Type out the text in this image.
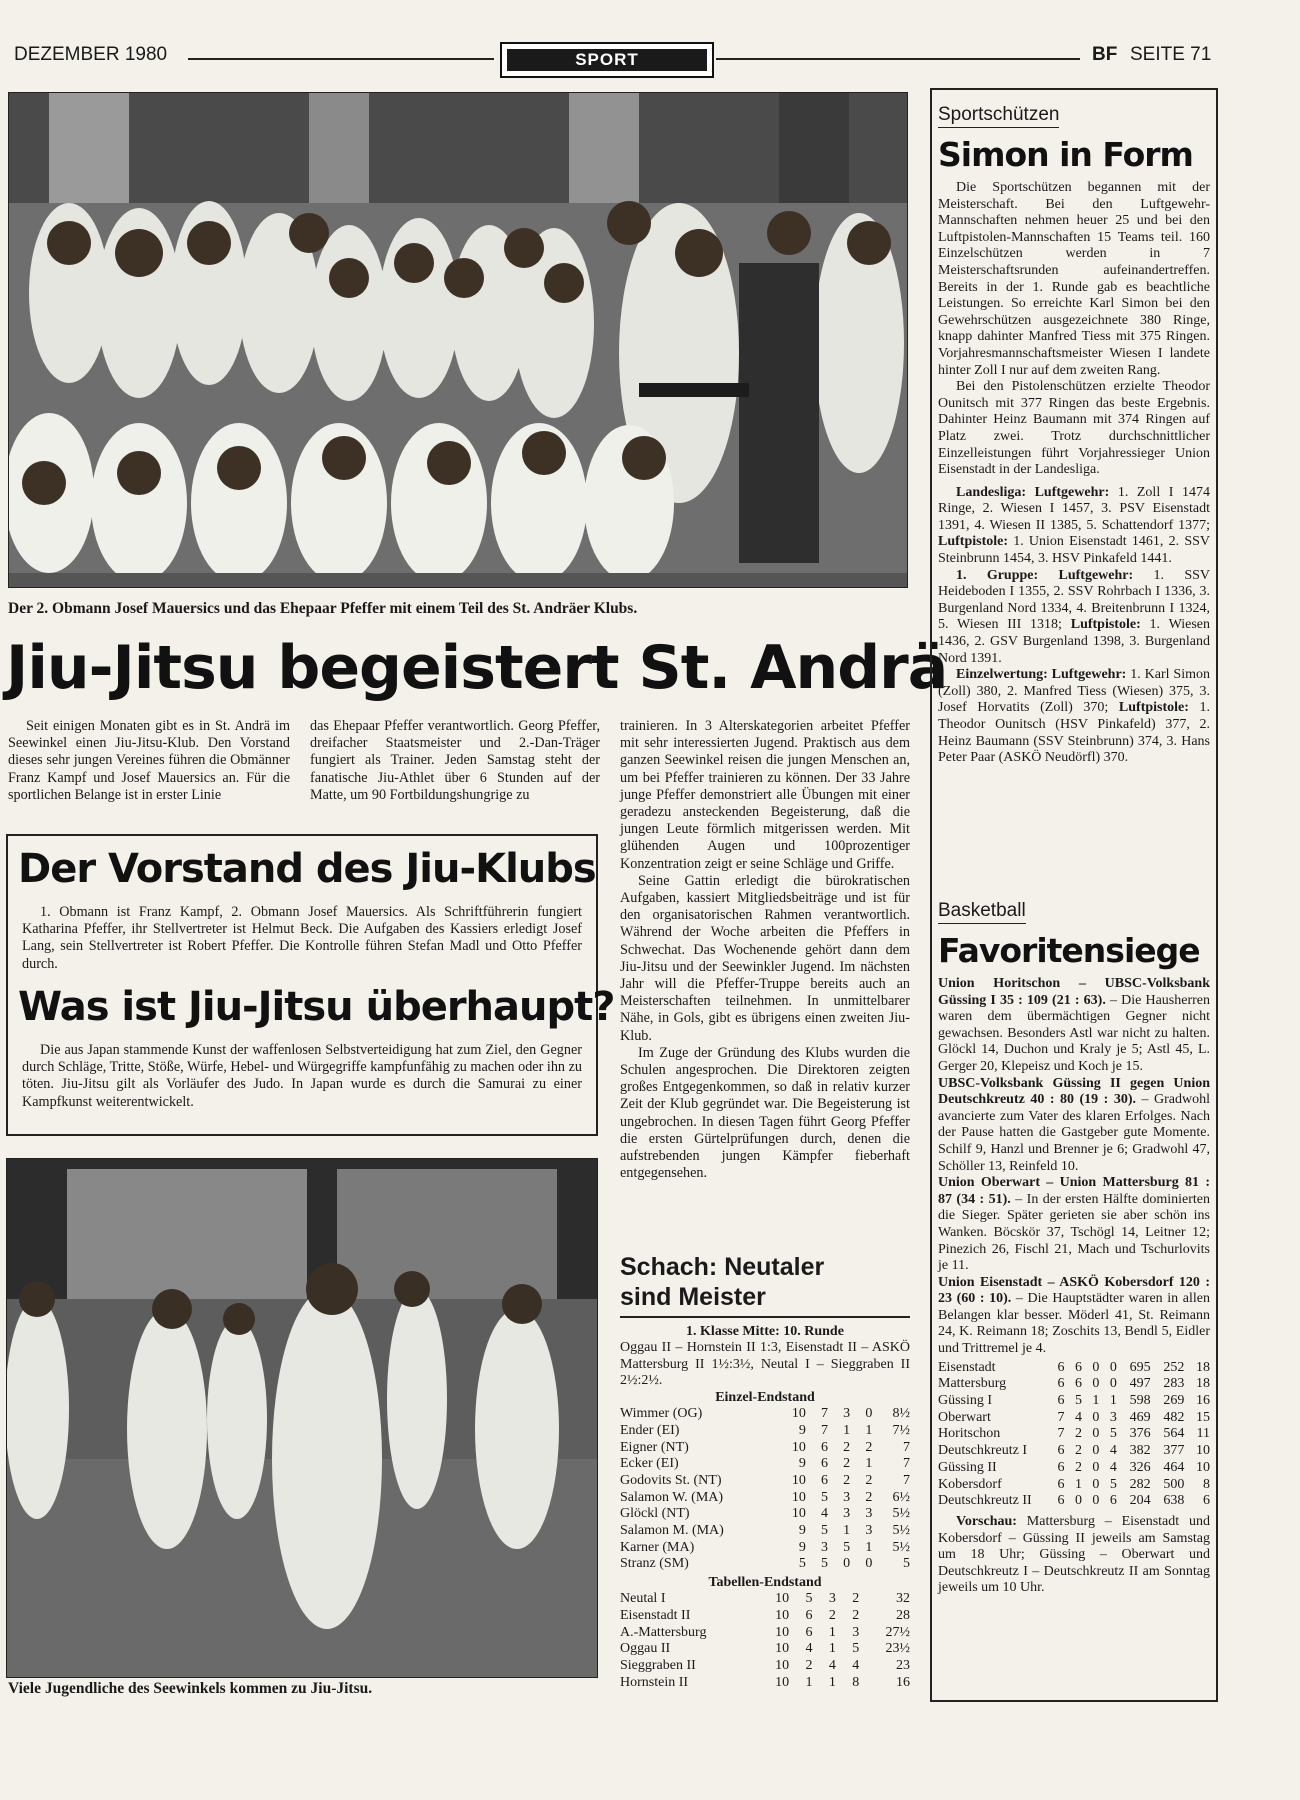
DEZEMBER 1980	SPORT	BF SEITE 71
Der 2. Obmann Josef Mauersics und das Ehepaar Pfeffer mit einem Teil des St. Andräer Klubs.
Jiu-Jitsu begeistert St. Andrä

Seit einigen Monaten gibt es in St. Andrä im Seewinkel einen Jiu-Jitsu-Klub. Den Vorstand dieses sehr jungen Vereines führen die Obmänner Franz Kampf und Josef Mauersics an. Für die sportlichen Belange ist in erster Linie

das Ehepaar Pfeffer verantwortlich. Georg Pfeffer, dreifacher Staatsmeister und 2.-Dan-Träger fungiert als Trainer. Jeden Samstag steht der fanatische Jiu-Athlet über 6 Stunden auf der Matte, um 90 Fortbildungshungrige zu

trainieren. In 3 Alterskategorien arbeitet Pfeffer mit sehr interessierten Jugend. Praktisch aus dem ganzen Seewinkel reisen die jungen Menschen an, um bei Pfeffer trainieren zu können. Der 33 Jahre junge Pfeffer demonstriert alle Übungen mit einer geradezu ansteckenden Begeisterung, daß die jungen Leute förmlich mitgerissen werden. Mit glühenden Augen und 100prozentiger Konzentration zeigt er seine Schläge und Griffe.

Seine Gattin erledigt die bürokratischen Aufgaben, kassiert Mitgliedsbeiträge und ist für den organisatorischen Rahmen verantwortlich. Während der Woche arbeiten die Pfeffers in Schwechat. Das Wochenende gehört dann dem Jiu-Jitsu und der Seewinkler Jugend. Im nächsten Jahr will die Pfeffer-Truppe bereits auch an Meisterschaften teilnehmen. In unmittelbarer Nähe, in Gols, gibt es übrigens einen zweiten Jiu-Klub.

Im Zuge der Gründung des Klubs wurden die Schulen angesprochen. Die Direktoren zeigten großes Entgegenkommen, so daß in relativ kurzer Zeit der Klub gegründet war. Die Begeisterung ist ungebrochen. In diesen Tagen führt Georg Pfeffer die ersten Gürtelprüfungen durch, denen die aufstrebenden jungen Kämpfer fieberhaft entgegensehen.

Der Vorstand des Jiu-Klubs

1. Obmann ist Franz Kampf, 2. Obmann Josef Mauersics. Als Schriftführerin fungiert Katharina Pfeffer, ihr Stellvertreter ist Helmut Beck. Die Aufgaben des Kassiers erledigt Josef Lang, sein Stellvertreter ist Robert Pfeffer. Die Kontrolle führen Stefan Madl und Otto Pfeffer durch.

Was ist Jiu-Jitsu überhaupt?

Die aus Japan stammende Kunst der waffenlosen Selbstverteidigung hat zum Ziel, den Gegner durch Schläge, Tritte, Stöße, Würfe, Hebel- und Würgegriffe kampfunfähig zu machen oder ihn zu töten. Jiu-Jitsu gilt als Vorläufer des Judo. In Japan wurde es durch die Samurai zu einer Kampfkunst weiterentwickelt.

Viele Jugendliche des Seewinkels kommen zu Jiu-Jitsu.
Schach: Neutaler
sind Meister
1. Klasse Mitte: 10. Runde

Oggau II – Hornstein II 1:3, Eisenstadt II – ASKÖ Mattersburg II 1½:3½, Neutal I – Sieggraben II 2½:2½.

Einzel-Endstand
Wimmer (OG)	10	7	3	0	8½
Ender (EI)	9	7	1	1	7½
Eigner (NT)	10	6	2	2	7
Ecker (EI)	9	6	2	1	7
Godovits St. (NT)	10	6	2	2	7
Salamon W. (MA)	10	5	3	2	6½
Glöckl (NT)	10	4	3	3	5½
Salamon M. (MA)	9	5	1	3	5½
Karner (MA)	9	3	5	1	5½
Stranz (SM)	5	5	0	0	5
Tabellen-Endstand
Neutal I	10	5	3	2	32
Eisenstadt II	10	6	2	2	28
A.-Mattersburg	10	6	1	3	27½
Oggau II	10	4	1	5	23½
Sieggraben II	10	2	4	4	23
Hornstein II	10	1	1	8	16
Sportschützen
Simon in Form

Die Sportschützen begannen mit der Meisterschaft. Bei den Luftgewehr-Mannschaften nehmen heuer 25 und bei den Luftpistolen-Mannschaften 15 Teams teil. 160 Einzelschützen werden in 7 Meisterschaftsrunden aufeinandertreffen. Bereits in der 1. Runde gab es beachtliche Leistungen. So erreichte Karl Simon bei den Gewehrschützen ausgezeichnete 380 Ringe, knapp dahinter Manfred Tiess mit 375 Ringen. Vorjahresmannschaftsmeister Wiesen I landete hinter Zoll I nur auf dem zweiten Rang.

Bei den Pistolenschützen erzielte Theodor Ounitsch mit 377 Ringen das beste Ergebnis. Dahinter Heinz Baumann mit 374 Ringen auf Platz zwei. Trotz durchschnittlicher Einzelleistungen führt Vorjahressieger Union Eisenstadt in der Landesliga.

Landesliga: Luftgewehr: 1. Zoll I 1474 Ringe, 2. Wiesen I 1457, 3. PSV Eisenstadt 1391, 4. Wiesen II 1385, 5. Schattendorf 1377; Luftpistole: 1. Union Eisenstadt 1461, 2. SSV Steinbrunn 1454, 3. HSV Pinkafeld 1441.

1. Gruppe: Luftgewehr: 1. SSV Heideboden I 1355, 2. SSV Rohrbach I 1336, 3. Burgenland Nord 1334, 4. Breitenbrunn I 1324, 5. Wiesen III 1318; Luftpistole: 1. Wiesen 1436, 2. GSV Burgenland 1398, 3. Burgenland Nord 1391.

Einzelwertung: Luftgewehr: 1. Karl Simon (Zoll) 380, 2. Manfred Tiess (Wiesen) 375, 3. Josef Horvatits (Zoll) 370; Luftpistole: 1. Theodor Ounitsch (HSV Pinkafeld) 377, 2. Heinz Baumann (SSV Steinbrunn) 374, 3. Hans Peter Paar (ASKÖ Neudörfl) 370.

Basketball
Favoritensiege

Union Horitschon – UBSC-Volksbank Güssing I 35 : 109 (21 : 63). – Die Hausherren waren dem übermächtigen Gegner nicht gewachsen. Besonders Astl war nicht zu halten. Glöckl 14, Duchon und Kraly je 5; Astl 45, L. Gerger 20, Klepeisz und Koch je 15.

UBSC-Volksbank Güssing II gegen Union Deutschkreutz 40 : 80 (19 : 30). – Gradwohl avancierte zum Vater des klaren Erfolges. Nach der Pause hatten die Gastgeber gute Momente. Schilf 9, Hanzl und Brenner je 6; Gradwohl 47, Schöller 13, Reinfeld 10.

Union Oberwart – Union Mattersburg 81 : 87 (34 : 51). – In der ersten Hälfte dominierten die Sieger. Später gerieten sie aber schön ins Wanken. Böcskör 37, Tschögl 14, Leitner 12; Pinezich 26, Fischl 21, Mach und Tschurlovits je 11.

Union Eisenstadt – ASKÖ Kobersdorf 120 : 23 (60 : 10). – Die Hauptstädter waren in allen Belangen klar besser. Möderl 41, St. Reimann 24, K. Reimann 18; Zoschits 13, Bendl 5, Eidler und Trittremel je 4.

Eisenstadt	6	6	0	0	695	252	18
Mattersburg	6	6	0	0	497	283	18
Güssing I	6	5	1	1	598	269	16
Oberwart	7	4	0	3	469	482	15
Horitschon	7	2	0	5	376	564	11
Deutschkreutz I	6	2	0	4	382	377	10
Güssing II	6	2	0	4	326	464	10
Kobersdorf	6	1	0	5	282	500	8
Deutschkreutz II	6	0	0	6	204	638	6

Vorschau: Mattersburg – Eisenstadt und Kobersdorf – Güssing II jeweils am Samstag um 18 Uhr; Güssing – Oberwart und Deutschkreutz I – Deutschkreutz II am Sonntag jeweils um 10 Uhr.
